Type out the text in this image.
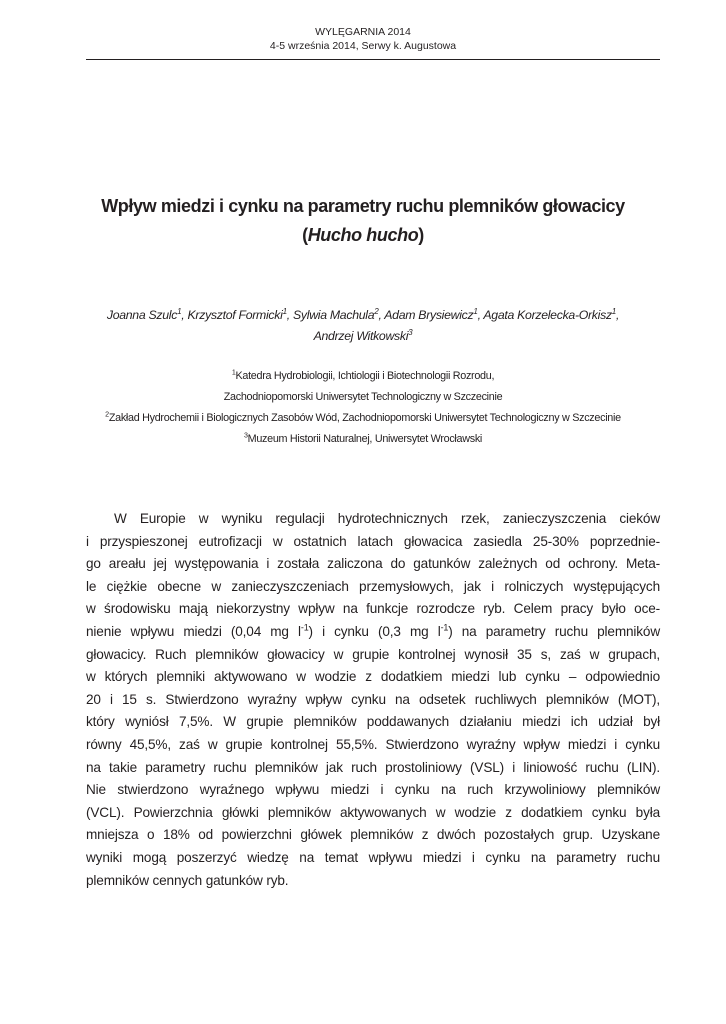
WYLĘGARNIA 2014
4-5 września 2014, Serwy k. Augustowa
Wpływ miedzi i cynku na parametry ruchu plemników głowacicy
(Hucho hucho)
Joanna Szulc$^1$, Krzysztof Formicki$^1$, Sylwia Machula$^2$, Adam Brysiewicz$^1$, Agata Korzelecka-Orkisz$^1$,
Andrzej Witkowski$^3$
$^1$Katedra Hydrobiologii, Ichtiologii i Biotechnologii Rozrodu,
Zachodniopomorski Uniwersytet Technologiczny w Szczecinie
$^2$Zakład Hydrochemii i Biologicznych Zasobów Wód, Zachodniopomorski Uniwersytet Technologiczny w Szczecinie
$^3$Muzeum Historii Naturalnej, Uniwersytet Wrocławski
W Europie w wyniku regulacji hydrotechnicznych rzek, zanieczyszczenia cieków
i przyspieszonej eutrofizacji w ostatnich latach głowacica zasiedla 25-30% poprzednie-
go areału jej występowania i została zaliczona do gatunków zależnych od ochrony. Meta-
le ciężkie obecne w zanieczyszczeniach przemysłowych, jak i rolniczych występujących
w środowisku mają niekorzystny wpływ na funkcje rozrodcze ryb. Celem pracy było oce-
nienie wpływu miedzi (0,04 mg $l^{-1}$) i cynku (0,3 mg $l^{-1}$) na parametry ruchu plemników
głowacicy. Ruch plemników głowacicy w grupie kontrolnej wynosił 35 s, zaś w grupach,
w których plemniki aktywowano w wodzie z dodatkiem miedzi lub cynku – odpowiednio
20 i 15 s. Stwierdzono wyraźny wpływ cynku na odsetek ruchliwych plemników (MOT),
który wyniósł 7,5%. W grupie plemników poddawanych działaniu miedzi ich udział był
równy 45,5%, zaś w grupie kontrolnej 55,5%. Stwierdzono wyraźny wpływ miedzi i cynku
na takie parametry ruchu plemników jak ruch prostoliniowy (VSL) i liniowość ruchu (LIN).
Nie stwierdzono wyraźnego wpływu miedzi i cynku na ruch krzywoliniowy plemników
(VCL). Powierzchnia główki plemników aktywowanych w wodzie z dodatkiem cynku była
mniejsza o 18% od powierzchni główek plemników z dwóch pozostałych grup. Uzyskane
wyniki mogą poszerzyć wiedzę na temat wpływu miedzi i cynku na parametry ruchu
plemników cennych gatunków ryb.
